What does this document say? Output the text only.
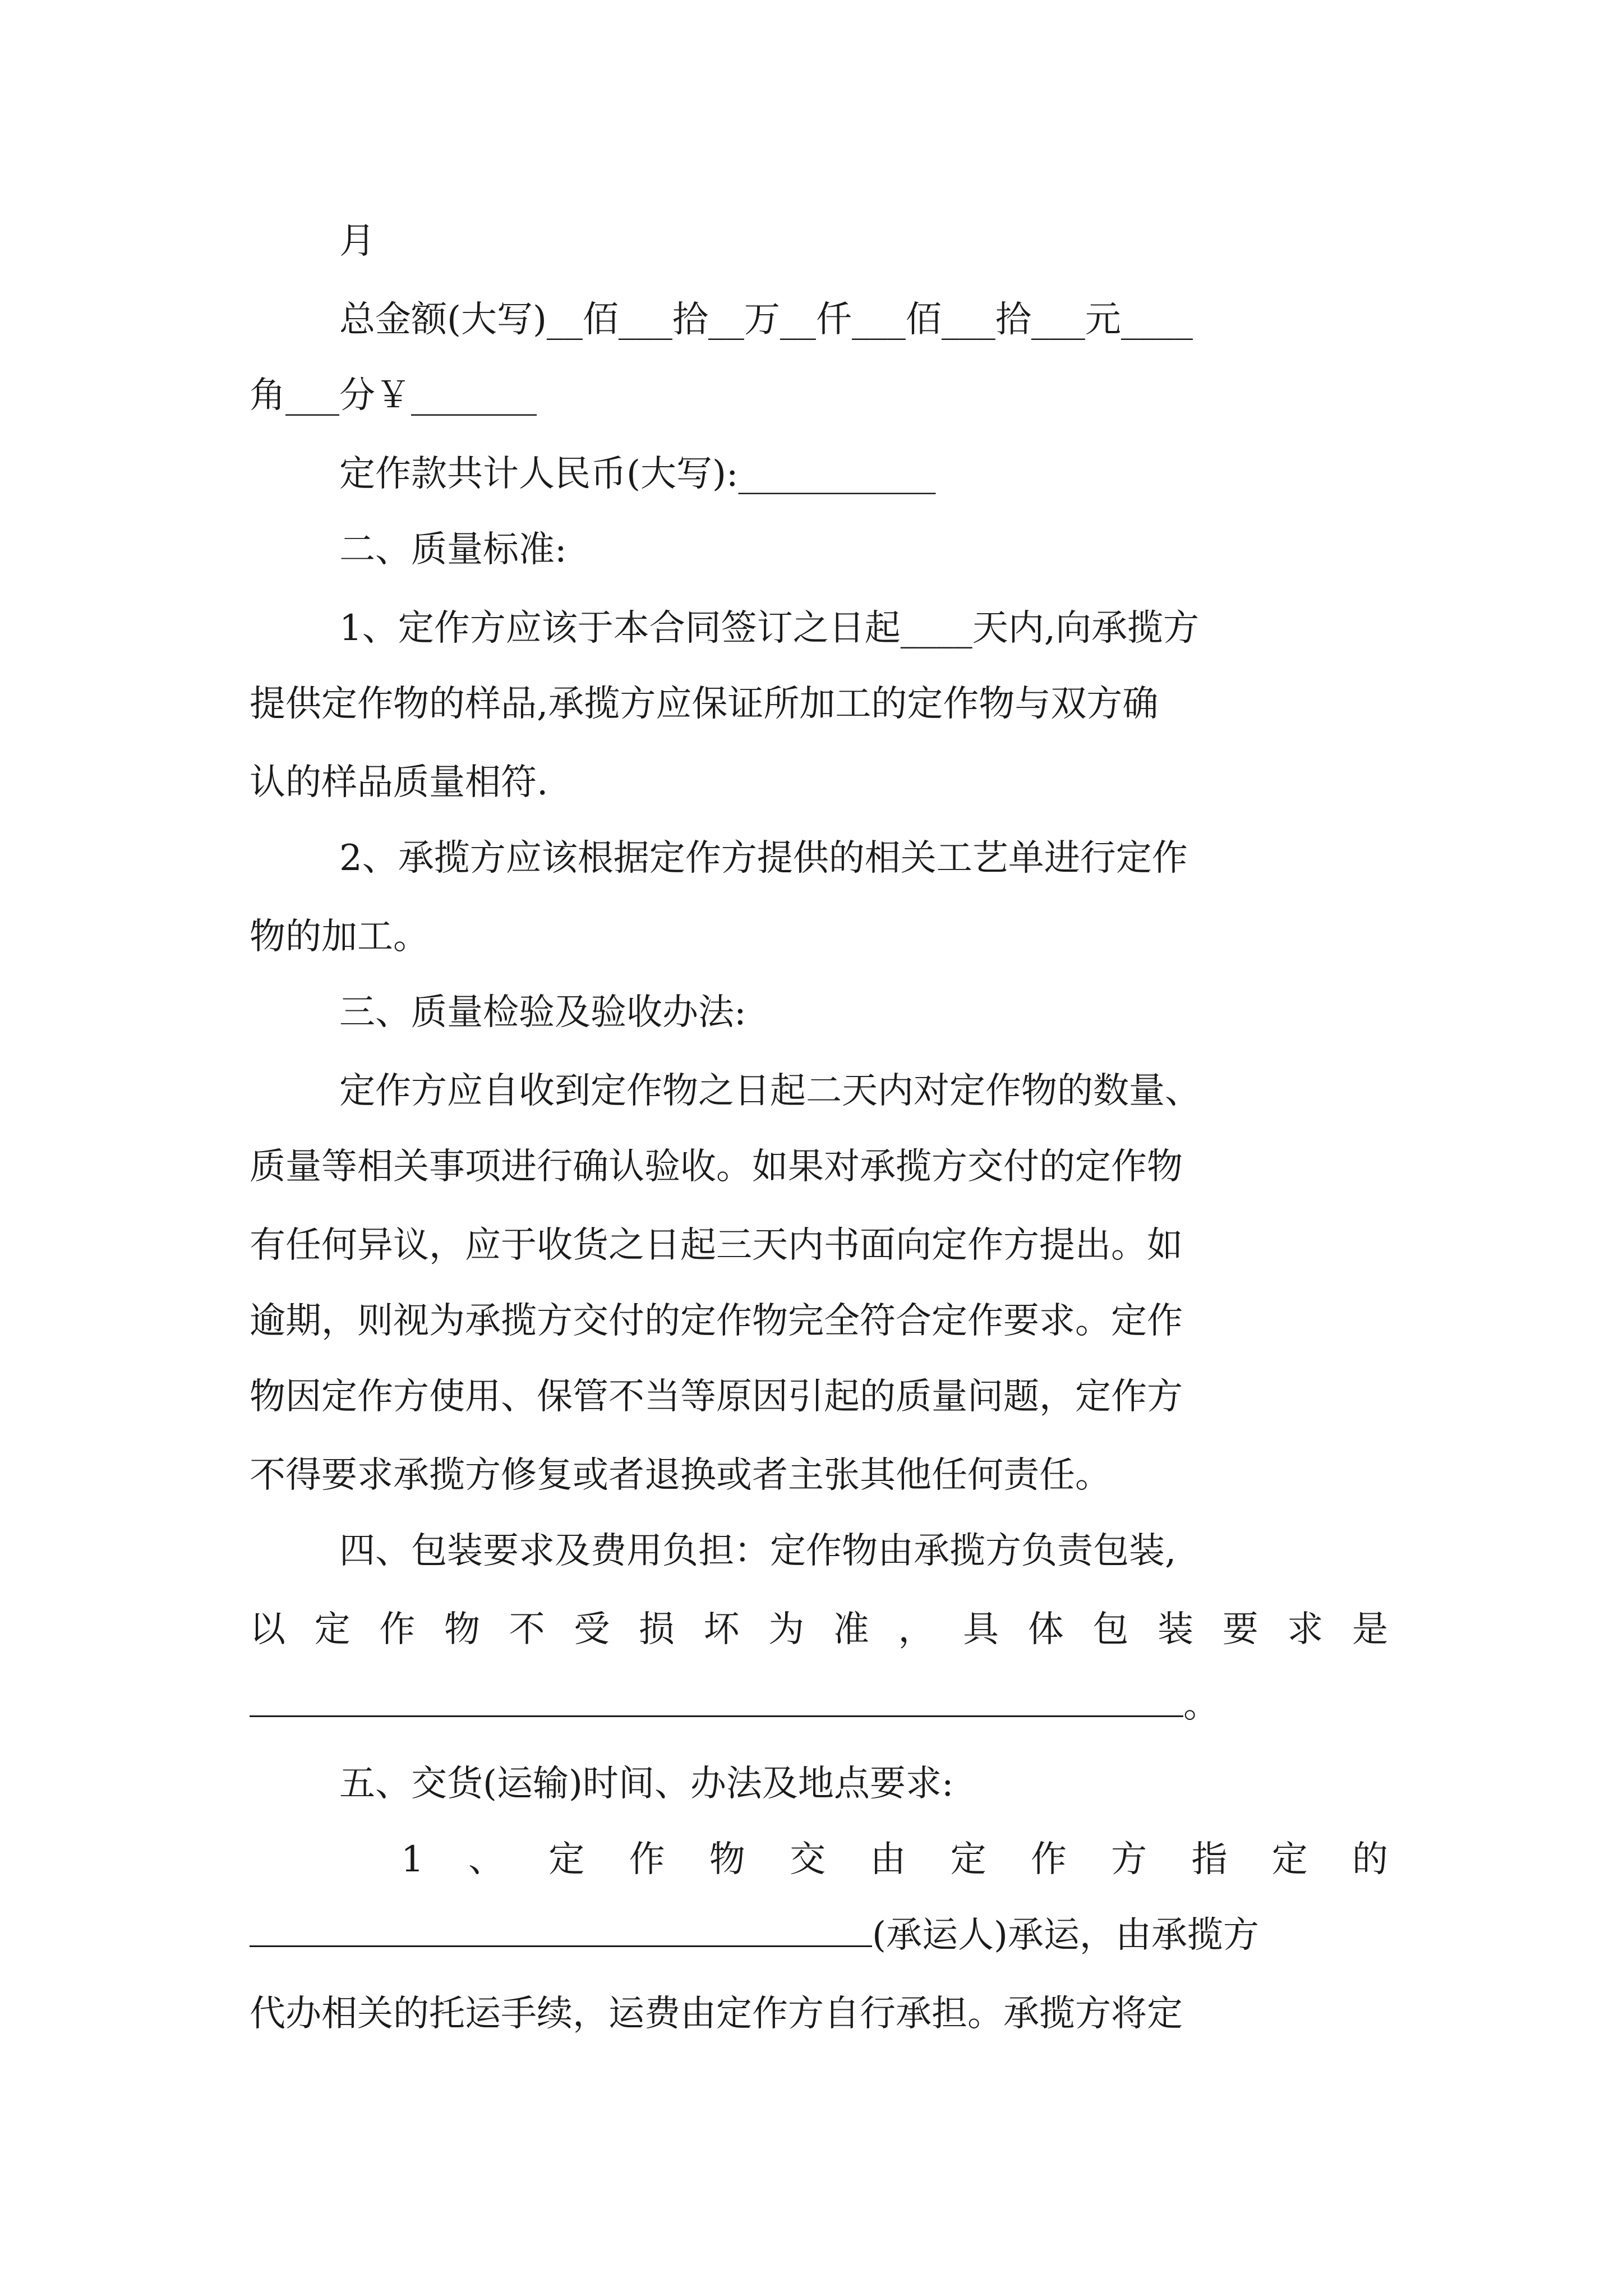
月
总金额(大写)__佰___拾__万__仟___佰___拾___元____
角___分￥_______
定作款共计人民币(大写):___________
二、质量标准:
1、定作方应该于本合同签订之日起____天内,向承揽方
提供定作物的样品,承揽方应保证所加工的定作物与双方确
认的样品质量相符.
2、承揽方应该根据定作方提供的相关工艺单进行定作
物的加工。
三、质量检验及验收办法:
定作方应自收到定作物之日起二天内对定作物的数量、
质量等相关事项进行确认验收。如果对承揽方交付的定作物
有任何异议，应于收货之日起三天内书面向定作方提出。如
逾期，则视为承揽方交付的定作物完全符合定作要求。定作
物因定作方使用、保管不当等原因引起的质量问题，定作方
不得要求承揽方修复或者退换或者主张其他任何责任。
四、包装要求及费用负担：定作物由承揽方负责包装,
以定作物不受损坏为准，具体包装要求是
。
五、交货(运输)时间、办法及地点要求:
1、定作物交由定作方指定的
(承运人)承运，由承揽方
代办相关的托运手续，运费由定作方自行承担。承揽方将定
